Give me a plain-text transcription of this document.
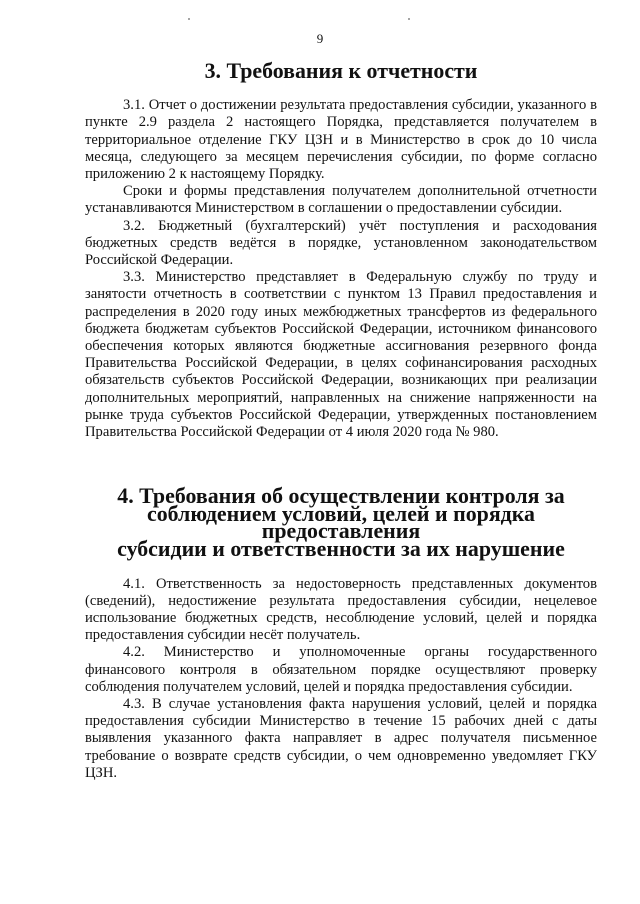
9
3. Требования к отчетности

3.1. Отчет о достижении результата предоставления субсидии, указанного в пункте 2.9 раздела 2 настоящего Порядка, представляется получателем в территориальное отделение ГКУ ЦЗН и в Министерство в срок до 10 числа месяца, следующего за месяцем перечисления субсидии, по форме согласно приложению 2 к настоящему Порядку.

Сроки и формы представления получателем дополнительной отчетности устанавливаются Министерством в соглашении о предоставлении субсидии.

3.2. Бюджетный (бухгалтерский) учёт поступления и расходования бюджетных средств ведётся в порядке, установленном законодательством Российской Федерации.

3.3. Министерство представляет в Федеральную службу по труду и занятости отчетность в соответствии с пунктом 13 Правил предоставления и распределения в 2020 году иных межбюджетных трансфертов из федерального бюджета бюджетам субъектов Российской Федерации, источником финансового обеспечения которых являются бюджетные ассигнования резервного фонда Правительства Российской Федерации, в целях софинансирования расходных обязательств субъектов Российской Федерации, возникающих при реализации дополнительных мероприятий, направленных на снижение напряженности на рынке труда субъектов Российской Федерации, утвержденных постановлением Правительства Российской Федерации от 4 июля 2020 года № 980.

4. Требования об осуществлении контроля за
соблюдением условий, целей и порядка предоставления
субсидии и ответственности за их нарушение

4.1. Ответственность за недостоверность представленных документов (сведений), недостижение результата предоставления субсидии, нецелевое использование бюджетных средств, несоблюдение условий, целей и порядка предоставления субсидии несёт получатель.

4.2. Министерство и уполномоченные органы государственного финансового контроля в обязательном порядке осуществляют проверку соблюдения получателем условий, целей и порядка предоставления субсидии.

4.3. В случае установления факта нарушения условий, целей и порядка предоставления субсидии Министерство в течение 15 рабочих дней с даты выявления указанного факта направляет в адрес получателя письменное требование о возврате средств субсидии, о чем одновременно уведомляет ГКУ ЦЗН.
